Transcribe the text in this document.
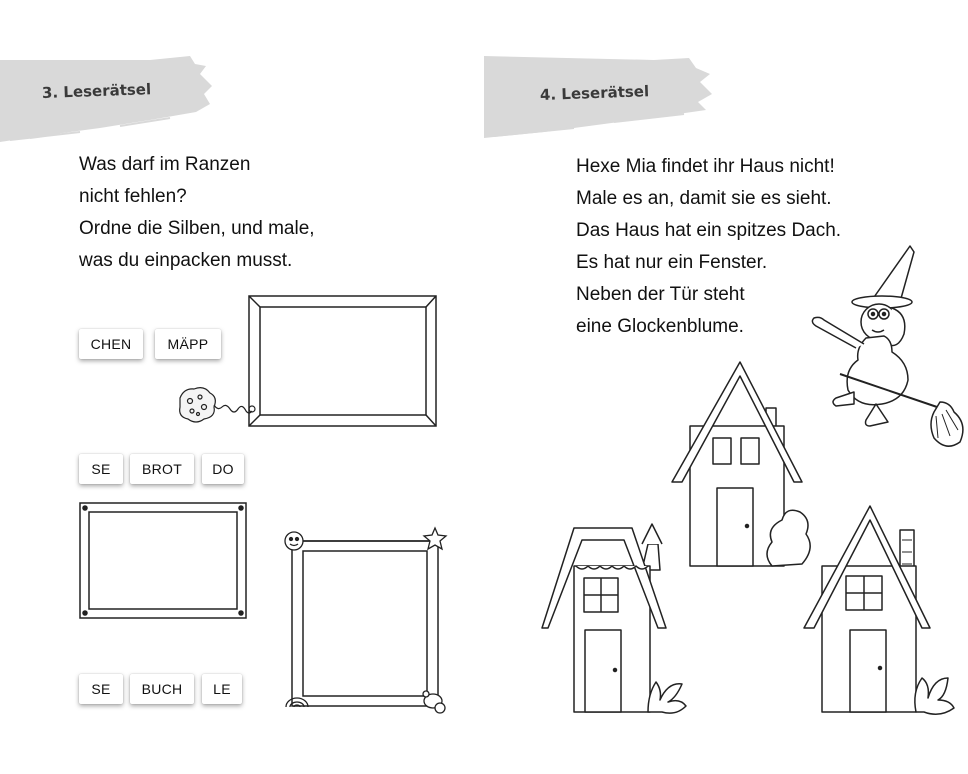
3. Leserätsel
Was darf im Ranzen
nicht fehlen?
Ordne die Silben, und male,
was du einpacken musst.
CHEN	MÄPP
SE	BROT	DO
SE	BUCH	LE
4. Leserätsel
Hexe Mia findet ihr Haus nicht!
Male es an, damit sie es sieht.
Das Haus hat ein spitzes Dach.
Es hat nur ein Fenster.
Neben der Tür steht
eine Glockenblume.
